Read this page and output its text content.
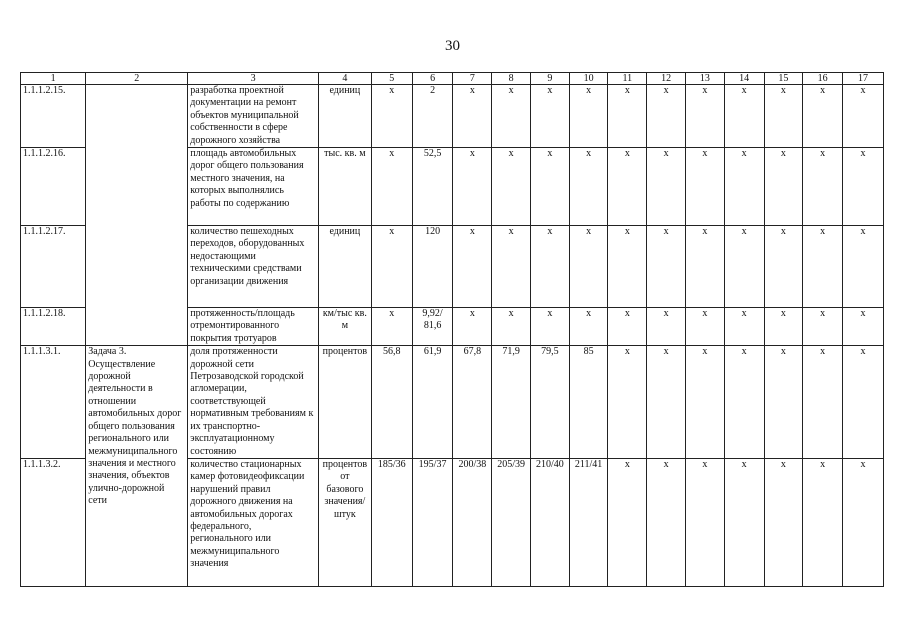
30
1	2	3	4	5	6	7	8	9	10	11	12	13	14	15	16	17
1.1.1.2.15.		разработка проектной документации на ремонт объектов муниципальной собственности в сфере дорожного хозяйства	единиц	x	2	x	x	x	x	x	x	x	x	x	x	x
1.1.1.2.16.		площадь автомобильных дорог общего пользования местного значения, на которых выполнялись работы по содержанию	тыс. кв. м	x	52,5	x	x	x	x	x	x	x	x	x	x	x
1.1.1.2.17.		количество пешеходных переходов, оборудованных недостающими техническими средствами организации движения	единиц	x	120	x	x	x	x	x	x	x	x	x	x	x
1.1.1.2.18.		протяженность/площадь отремонтированного покрытия тротуаров	км/тыс кв. м	x	9,92/ 81,6	x	x	x	x	x	x	x	x	x	x	x
1.1.1.3.1.	Задача 3. Осуществление дорожной деятельности в отношении автомобильных дорог общего пользования регионального или межмуниципального значения и местного значения, объектов улично-дорожной сети	доля протяженности дорожной сети Петрозаводской городской агломерации, соответствующей нормативным требованиям к их транспортно-эксплуатационному состоянию	процентов	56,8	61,9	67,8	71,9	79,5	85	x	x	x	x	x	x	x
1.1.1.3.2.		количество стационарных камер фотовидеофиксации нарушений правил дорожного движения на автомобильных дорогах федерального, регионального или межмуниципального значения	процентов от базового значения/ штук	185/36	195/37	200/38	205/39	210/40	211/41	x	x	x	x	x	x	x
